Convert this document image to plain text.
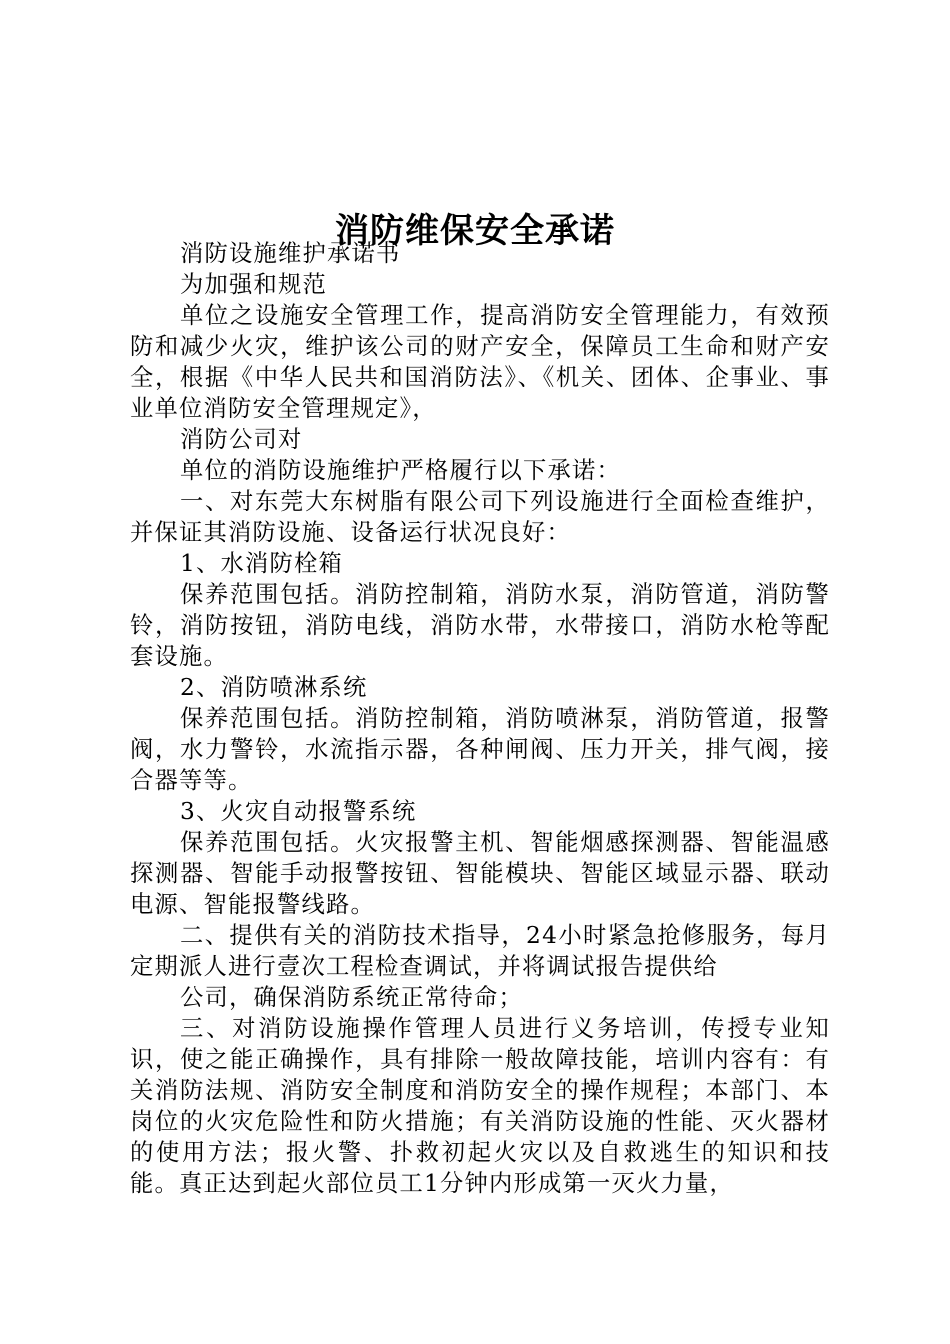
消防维保安全承诺

消防设施维护承诺书

为加强和规范

单位之设施安全管理工作，提高消防安全管理能力，有效预防和减少火灾，维护该公司的财产安全，保障员工生命和财产安全，根据《中华人民共和国消防法》、《机关、团体、企事业、事业单位消防安全管理规定》，

消防公司对

单位的消防设施维护严格履行以下承诺：

一、对东莞大东树脂有限公司下列设施进行全面检查维护，并保证其消防设施、设备运行状况良好：

1、水消防栓箱

保养范围包括。消防控制箱，消防水泵，消防管道，消防警铃，消防按钮，消防电线，消防水带，水带接口，消防水枪等配套设施。

2、消防喷淋系统

保养范围包括。消防控制箱，消防喷淋泵，消防管道，报警阀，水力警铃，水流指示器，各种闸阀、压力开关，排气阀，接合器等等。

3、火灾自动报警系统

保养范围包括。火灾报警主机、智能烟感探测器、智能温感探测器、智能手动报警按钮、智能模块、智能区域显示器、联动电源、智能报警线路。

二、提供有关的消防技术指导，24小时紧急抢修服务，每月定期派人进行壹次工程检查调试，并将调试报告提供给

公司，确保消防系统正常待命；

三、对消防设施操作管理人员进行义务培训，传授专业知识，使之能正确操作，具有排除一般故障技能，培训内容有：有关消防法规、消防安全制度和消防安全的操作规程；本部门、本岗位的火灾危险性和防火措施；有关消防设施的性能、灭火器材的使用方法；报火警、扑救初起火灾以及自救逃生的知识和技能。真正达到起火部位员工1分钟内形成第一灭火力量，
